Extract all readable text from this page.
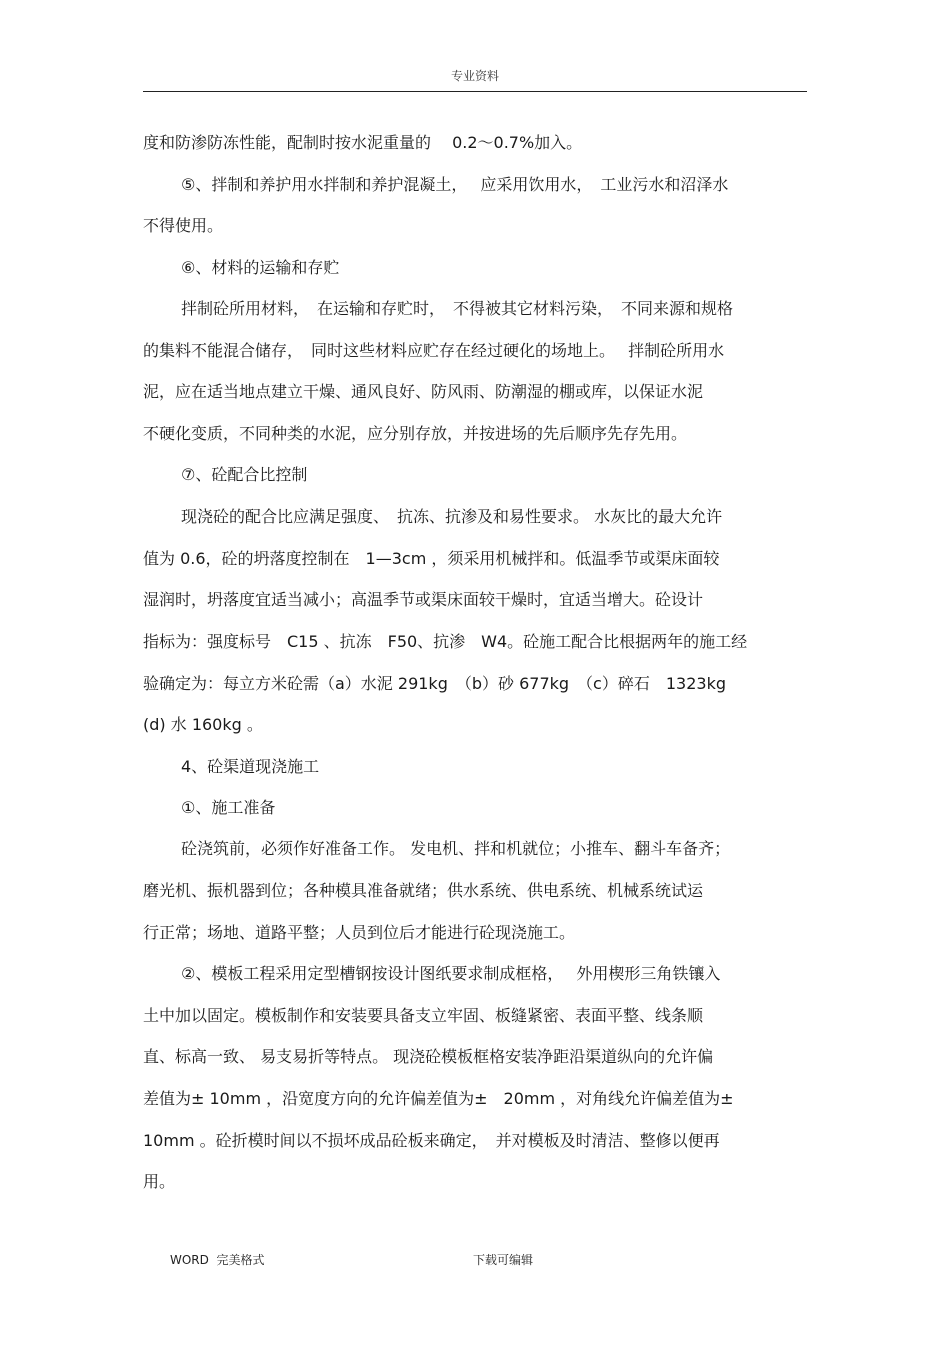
专业资料
度和防渗防冻性能，配制时按水泥重量的　 0.2～0.7%加入。
⑤、拌制和养护用水拌制和养护混凝土，　 应采用饮用水，　工业污水和沼泽水
不得使用。
⑥、材料的运输和存贮
拌制砼所用材料，　在运输和存贮时，　不得被其它材料污染，　不同来源和规格
的集料不能混合储存，　同时这些材料应贮存在经过硬化的场地上。　 拌制砼所用水
泥，应在适当地点建立干燥、通风良好、防风雨、防潮湿的棚或库，以保证水泥
不硬化变质，不同种类的水泥，应分别存放，并按进场的先后顺序先存先用。
⑦、砼配合比控制
现浇砼的配合比应满足强度、　抗冻、抗渗及和易性要求。 水灰比的最大允许
值为 0.6，砼的坍落度控制在　1—3cm ，须采用机械拌和。低温季节或渠床面较
湿润时，坍落度宜适当减小；高温季节或渠床面较干燥时，宜适当增大。砼设计
指标为：强度标号　C15 、抗冻　F50、抗渗　W4。砼施工配合比根据两年的施工经
验确定为：每立方米砼需（a）水泥 291kg　（b）砂 677kg　（c）碎石　1323kg
(d) 水 160kg 。
4、砼渠道现浇施工
①、施工准备
砼浇筑前，必须作好准备工作。 发电机、拌和机就位；小推车、翻斗车备齐；
磨光机、振机器到位；各种模具准备就绪；供水系统、供电系统、机械系统试运
行正常；场地、道路平整；人员到位后才能进行砼现浇施工。
②、模板工程采用定型槽钢按设计图纸要求制成框格，　 外用楔形三角铁镶入
土中加以固定。模板制作和安装要具备支立牢固、板缝紧密、表面平整、线条顺
直、标高一致、 易支易折等特点。 现浇砼模板框格安装净距沿渠道纵向的允许偏
差值为± 10mm ，沿宽度方向的允许偏差值为±　20mm ，对角线允许偏差值为±
10mm 。砼折模时间以不损坏成品砼板来确定，　并对模板及时清洁、整修以便再
用。
WORD  完美格式	下载可编辑
